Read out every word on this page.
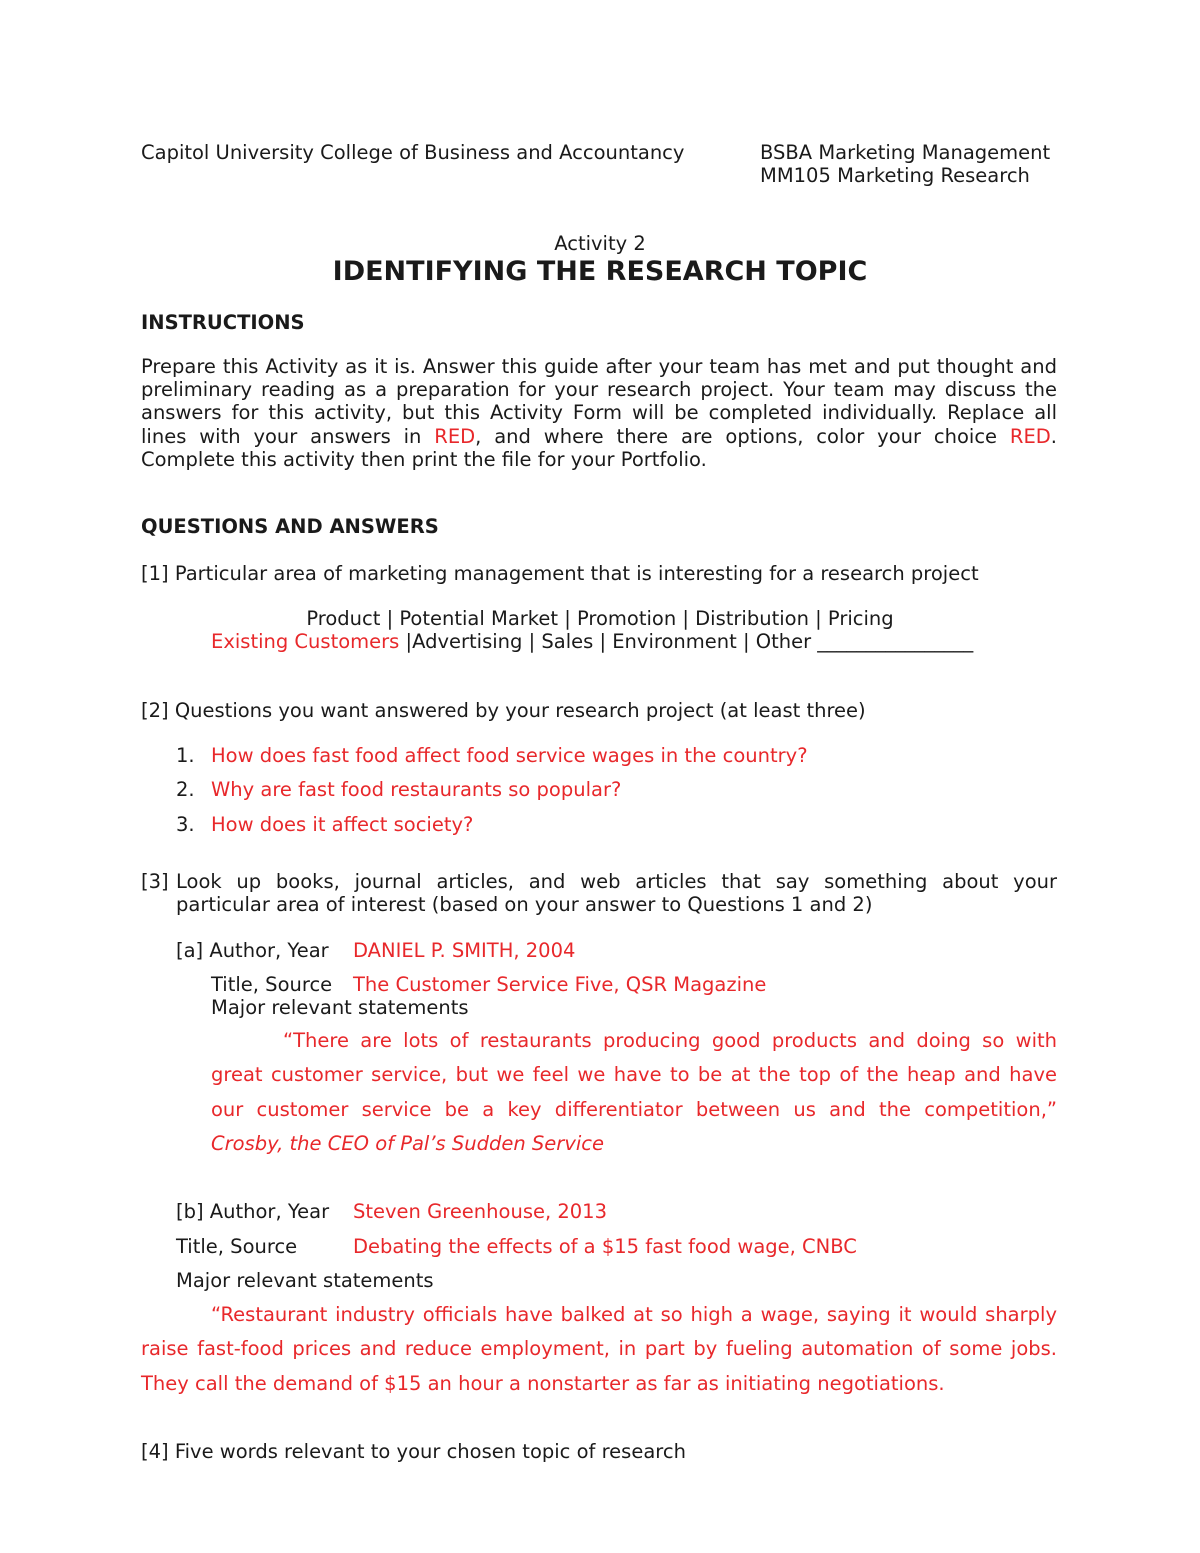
Capitol University College of Business and Accountancy	BSBA Marketing Management
MM105 Marketing Research
Activity 2
IDENTIFYING THE RESEARCH TOPIC
INSTRUCTIONS
Prepare this Activity as it is. Answer this guide after your team has met and put thought and
preliminary reading as a preparation for your research project. Your team may discuss the
answers for this activity, but this Activity Form will be completed individually. Replace all
lines with your answers in RED, and where there are options, color your choice RED.
Complete this activity then print the file for your Portfolio.
QUESTIONS AND ANSWERS
[1] Particular area of marketing management that is interesting for a research project
Product | Potential Market | Promotion | Distribution | Pricing
Existing Customers |Advertising | Sales | Environment | Other ________________
[2] Questions you want answered by your research project (at least three)
1. How does fast food affect food service wages in the country?
2. Why are fast food restaurants so popular?
3. How does it affect society?
[3] Look up books, journal articles, and web articles that say something about your
particular area of interest (based on your answer to Questions 1 and 2)
[a] Author, Year DANIEL P. SMITH, 2004
Title, Source The Customer Service Five, QSR Magazine
Major relevant statements
“There are lots of restaurants producing good products and doing so with
great customer service, but we feel we have to be at the top of the heap and have
our customer service be a key differentiator between us and the competition,”
Crosby, the CEO of Pal’s Sudden Service
[b] Author, Year Steven Greenhouse, 2013
Title, Source	Debating the effects of a $15 fast food wage, CNBC
Major relevant statements
“Restaurant industry officials have balked at so high a wage, saying it would sharply
raise fast-food prices and reduce employment, in part by fueling automation of some jobs.
They call the demand of $15 an hour a nonstarter as far as initiating negotiations.
[4] Five words relevant to your chosen topic of research
